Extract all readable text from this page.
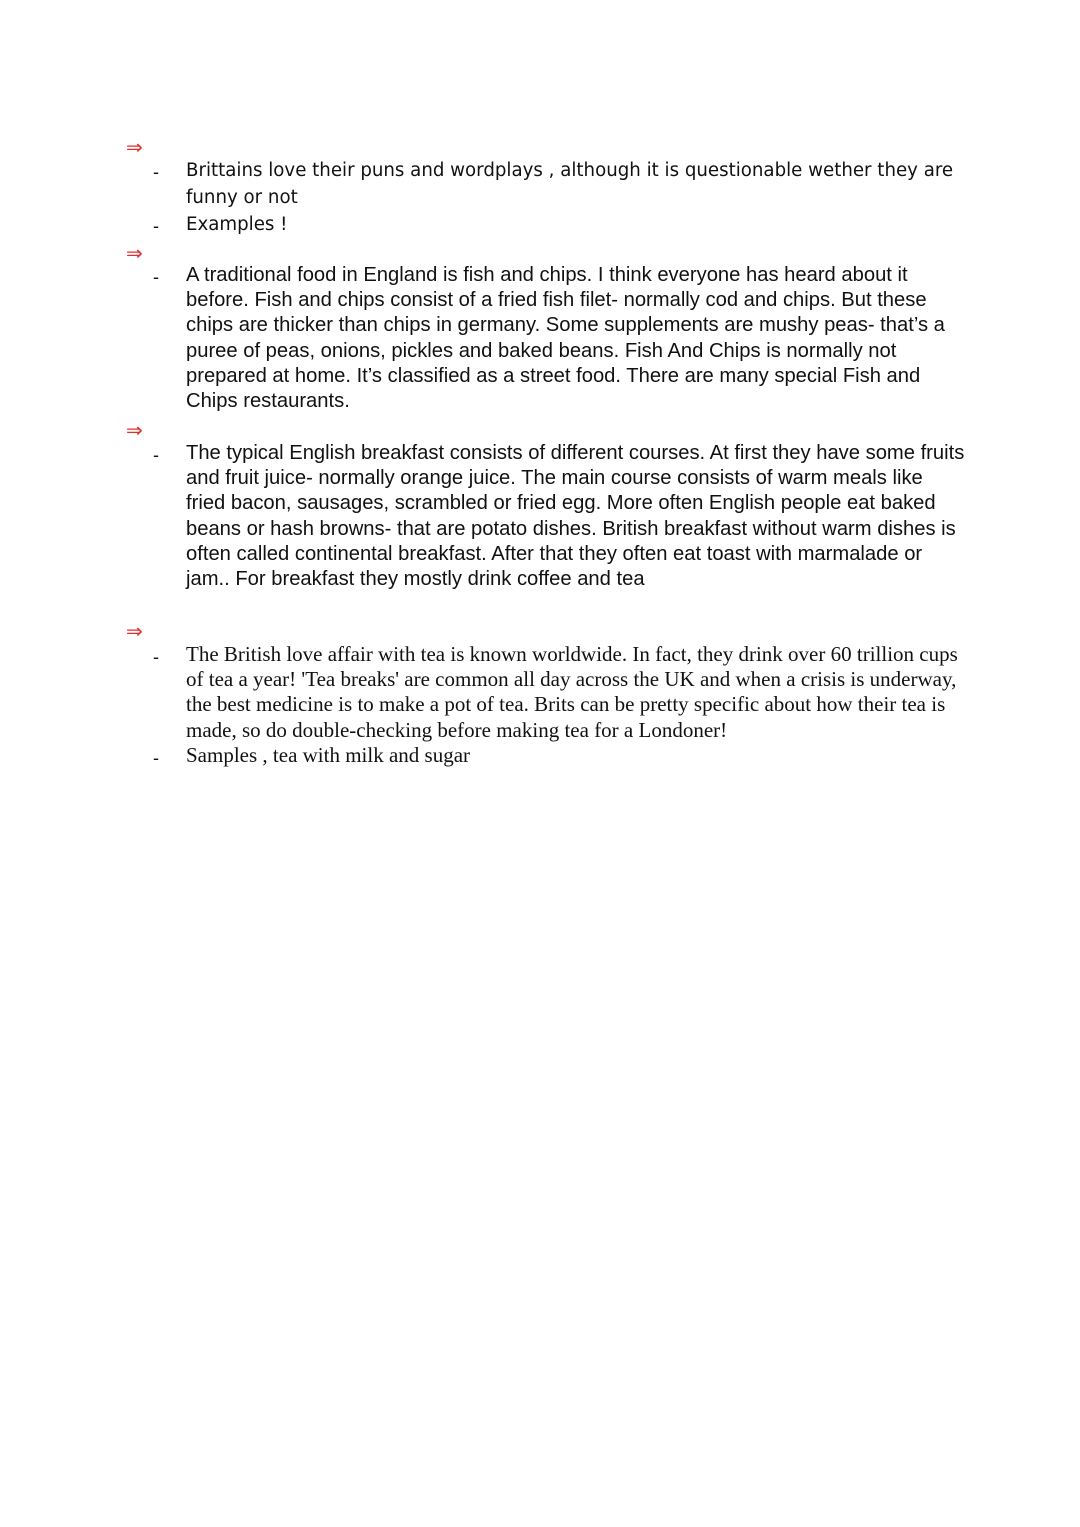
⇒
- Brittains love their puns and wordplays , although it is questionable wether they are funny or not

- Examples !

⇒
- A traditional food in England is fish and chips. I think everyone has heard about it before. Fish and chips consist of a fried fish filet- normally cod and chips. But these chips are thicker than chips in germany. Some supplements are mushy peas- that’s a puree of peas, onions, pickles and baked beans. Fish And Chips is normally not prepared at home. It’s classified as a street food. There are many special Fish and Chips restaurants.

⇒
- The typical English breakfast consists of different courses. At first they have some fruits and fruit juice- normally orange juice. The main course consists of warm meals like fried bacon, sausages, scrambled or fried egg. More often English people eat baked beans or hash browns- that are potato dishes. British breakfast without warm dishes is often called continental breakfast. After that they often eat toast with marmalade or jam.. For breakfast they mostly drink coffee and tea

⇒
- The British love affair with tea is known worldwide. In fact, they drink over 60 trillion cups of tea a year! 'Tea breaks' are common all day across the UK and when a crisis is underway, the best medicine is to make a pot of tea. Brits can be pretty specific about how their tea is made, so do double-checking before making tea for a Londoner!

- Samples , tea with milk and sugar
